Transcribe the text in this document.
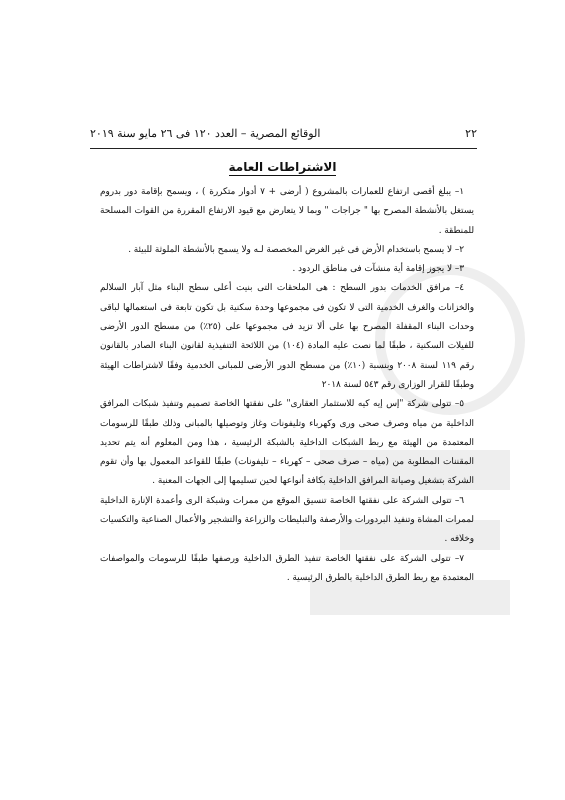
٢٢
الوقائع المصرية – العدد ١٢٠ فى ٢٦ مايو سنة ٢٠١٩
الاشتراطات العامة

١– يبلغ أقصى ارتفاع للعمارات بالمشروع ( أرضى + ٧ أدوار متكررة ) ، ويسمح بإقامة دور بدروم يستغل بالأنشطة المصرح بها " جراجات " وبما لا يتعارض مع قيود الارتفاع المقررة من القوات المسلحة للمنطقة .

٢– لا يسمح باستخدام الأرض فى غير الغرض المخصصة لـه ولا يسمح بالأنشطة الملوثة للبيئة .

٣– لا يجوز إقامة أية منشآت فى مناطق الردود .

٤– مرافق الخدمات بدور السطح : هى الملحقات التى بنيت أعلى سطح البناء مثل آبار السلالم والخزانات والغرف الخدمية التى لا تكون فى مجموعها وحدة سكنية بل تكون تابعة فى استعمالها لباقى وحدات البناء المقفلة المصرح بها على ألا تزيد فى مجموعها على (٢٥٪) من مسطح الدور الأرضى للفيلات السكنية ، طبقًا لما نصت عليه المادة (١٠٤) من اللائحة التنفيذية لقانون البناء الصادر بالقانون رقم ١١٩ لسنة ٢٠٠٨ وبنسبة (١٠٪) من مسطح الدور الأرضى للمبانى الخدمية وفقًا لاشتراطات الهيئة وطبقًا للقرار الوزارى رقم ٥٤٣ لسنة ٢٠١٨

٥– تتولى شركة "إس إيه كيه للاستثمار العقارى" على نفقتها الخاصة تصميم وتنفيذ شبكات المرافق الداخلية من مياه وصرف صحى ورى وكهرباء وتليفونات وغاز وتوصيلها بالمبانى وذلك طبقًا للرسومات المعتمدة من الهيئة مع ربط الشبكات الداخلية بالشبكة الرئيسية ، هذا ومن المعلوم أنه يتم تحديد المقننات المطلوبة من (مياه – صرف صحى – كهرباء – تليفونات) طبقًا للقواعد المعمول بها وأن تقوم الشركة بتشغيل وصيانة المرافق الداخلية بكافة أنواعها لحين تسليمها إلى الجهات المعنية .

٦– تتولى الشركة على نفقتها الخاصة تنسيق الموقع من ممرات وشبكة الرى وأعمدة الإنارة الداخلية لممرات المشاة وتنفيذ البردورات والأرصفة والتبليطات والزراعة والتشجير والأعمال الصناعية والتكسيات وخلافه .

٧– تتولى الشركة على نفقتها الخاصة تنفيذ الطرق الداخلية ورصفها طبقًا للرسومات والمواصفات المعتمدة مع ربط الطرق الداخلية بالطرق الرئيسية .
